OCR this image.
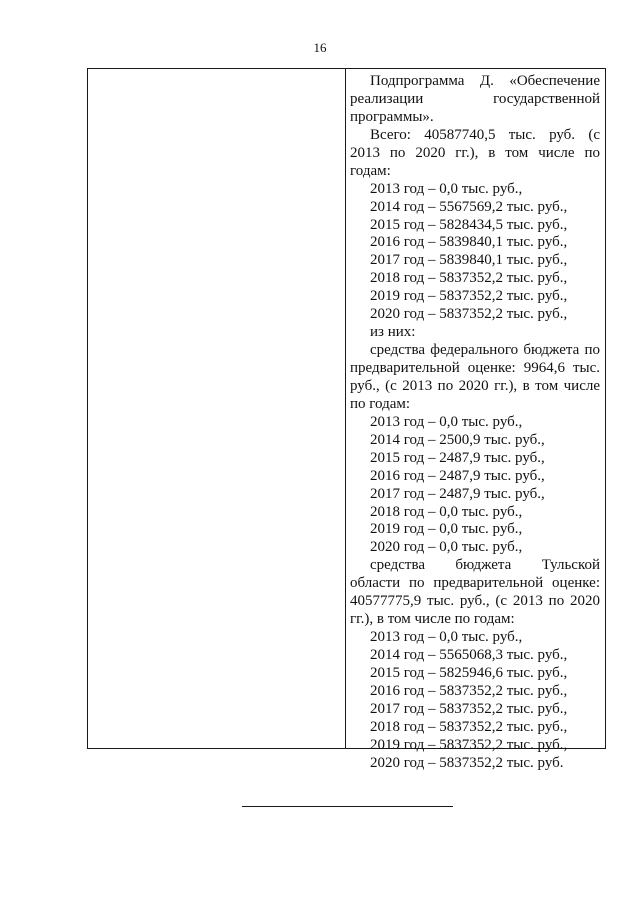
16
Подпрограмма Д. «Обеспечение
реализации государственной
программы».
Всего: 40587740,5 тыс. руб. (с
2013 по 2020 гг.), в том числе по
годам:
2013 год – 0,0 тыс. руб.,
2014 год – 5567569,2 тыс. руб.,
2015 год – 5828434,5 тыс. руб.,
2016 год – 5839840,1 тыс. руб.,
2017 год – 5839840,1 тыс. руб.,
2018 год – 5837352,2 тыс. руб.,
2019 год – 5837352,2 тыс. руб.,
2020 год – 5837352,2 тыс. руб.,
из них:
средства федерального бюджета по
предварительной оценке: 9964,6 тыс.
руб., (с 2013 по 2020 гг.), в том числе
по годам:
2013 год – 0,0 тыс. руб.,
2014 год – 2500,9 тыс. руб.,
2015 год – 2487,9 тыс. руб.,
2016 год – 2487,9 тыс. руб.,
2017 год – 2487,9 тыс. руб.,
2018 год – 0,0 тыс. руб.,
2019 год – 0,0 тыс. руб.,
2020 год – 0,0 тыс. руб.,
средства бюджета Тульской
области по предварительной оценке:
40577775,9 тыс. руб., (с 2013 по 2020
гг.), в том числе по годам:
2013 год – 0,0 тыс. руб.,
2014 год – 5565068,3 тыс. руб.,
2015 год – 5825946,6 тыс. руб.,
2016 год – 5837352,2 тыс. руб.,
2017 год – 5837352,2 тыс. руб.,
2018 год – 5837352,2 тыс. руб.,
2019 год – 5837352,2 тыс. руб.,
2020 год – 5837352,2 тыс. руб.
